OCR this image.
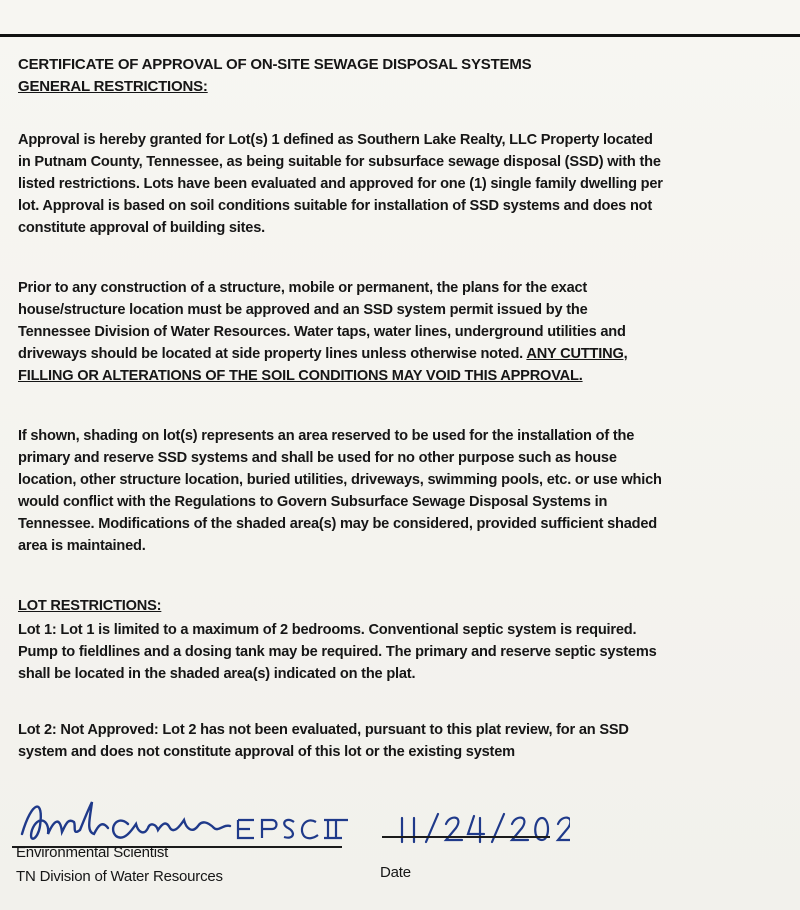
CERTIFICATE OF APPROVAL OF ON-SITE SEWAGE DISPOSAL SYSTEMS
GENERAL RESTRICTIONS:
Approval is hereby granted for Lot(s) 1 defined as Southern Lake Realty, LLC Property located
in Putnam County, Tennessee, as being suitable for subsurface sewage disposal (SSD) with the
listed restrictions. Lots have been evaluated and approved for one (1) single family dwelling per
lot. Approval is based on soil conditions suitable for installation of SSD systems and does not
constitute approval of building sites.
Prior to any construction of a structure, mobile or permanent, the plans for the exact
house/structure location must be approved and an SSD system permit issued by the
Tennessee Division of Water Resources. Water taps, water lines, underground utilities and
driveways should be located at side property lines unless otherwise noted. ANY CUTTING,
FILLING OR ALTERATIONS OF THE SOIL CONDITIONS MAY VOID THIS APPROVAL.
If shown, shading on lot(s) represents an area reserved to be used for the installation of the
primary and reserve SSD systems and shall be used for no other purpose such as house
location, other structure location, buried utilities, driveways, swimming pools, etc. or use which
would conflict with the Regulations to Govern Subsurface Sewage Disposal Systems in
Tennessee. Modifications of the shaded area(s) may be considered, provided sufficient shaded
area is maintained.
LOT RESTRICTIONS:
Lot 1: Lot 1 is limited to a maximum of 2 bedrooms. Conventional septic system is required.
Pump to fieldlines and a dosing tank may be required. The primary and reserve septic systems
shall be located in the shaded area(s) indicated on the plat.
Lot 2: Not Approved: Lot 2 has not been evaluated, pursuant to this plat review, for an SSD
system and does not constitute approval of this lot or the existing system
Environmental Scientist
TN Division of Water Resources	Date
